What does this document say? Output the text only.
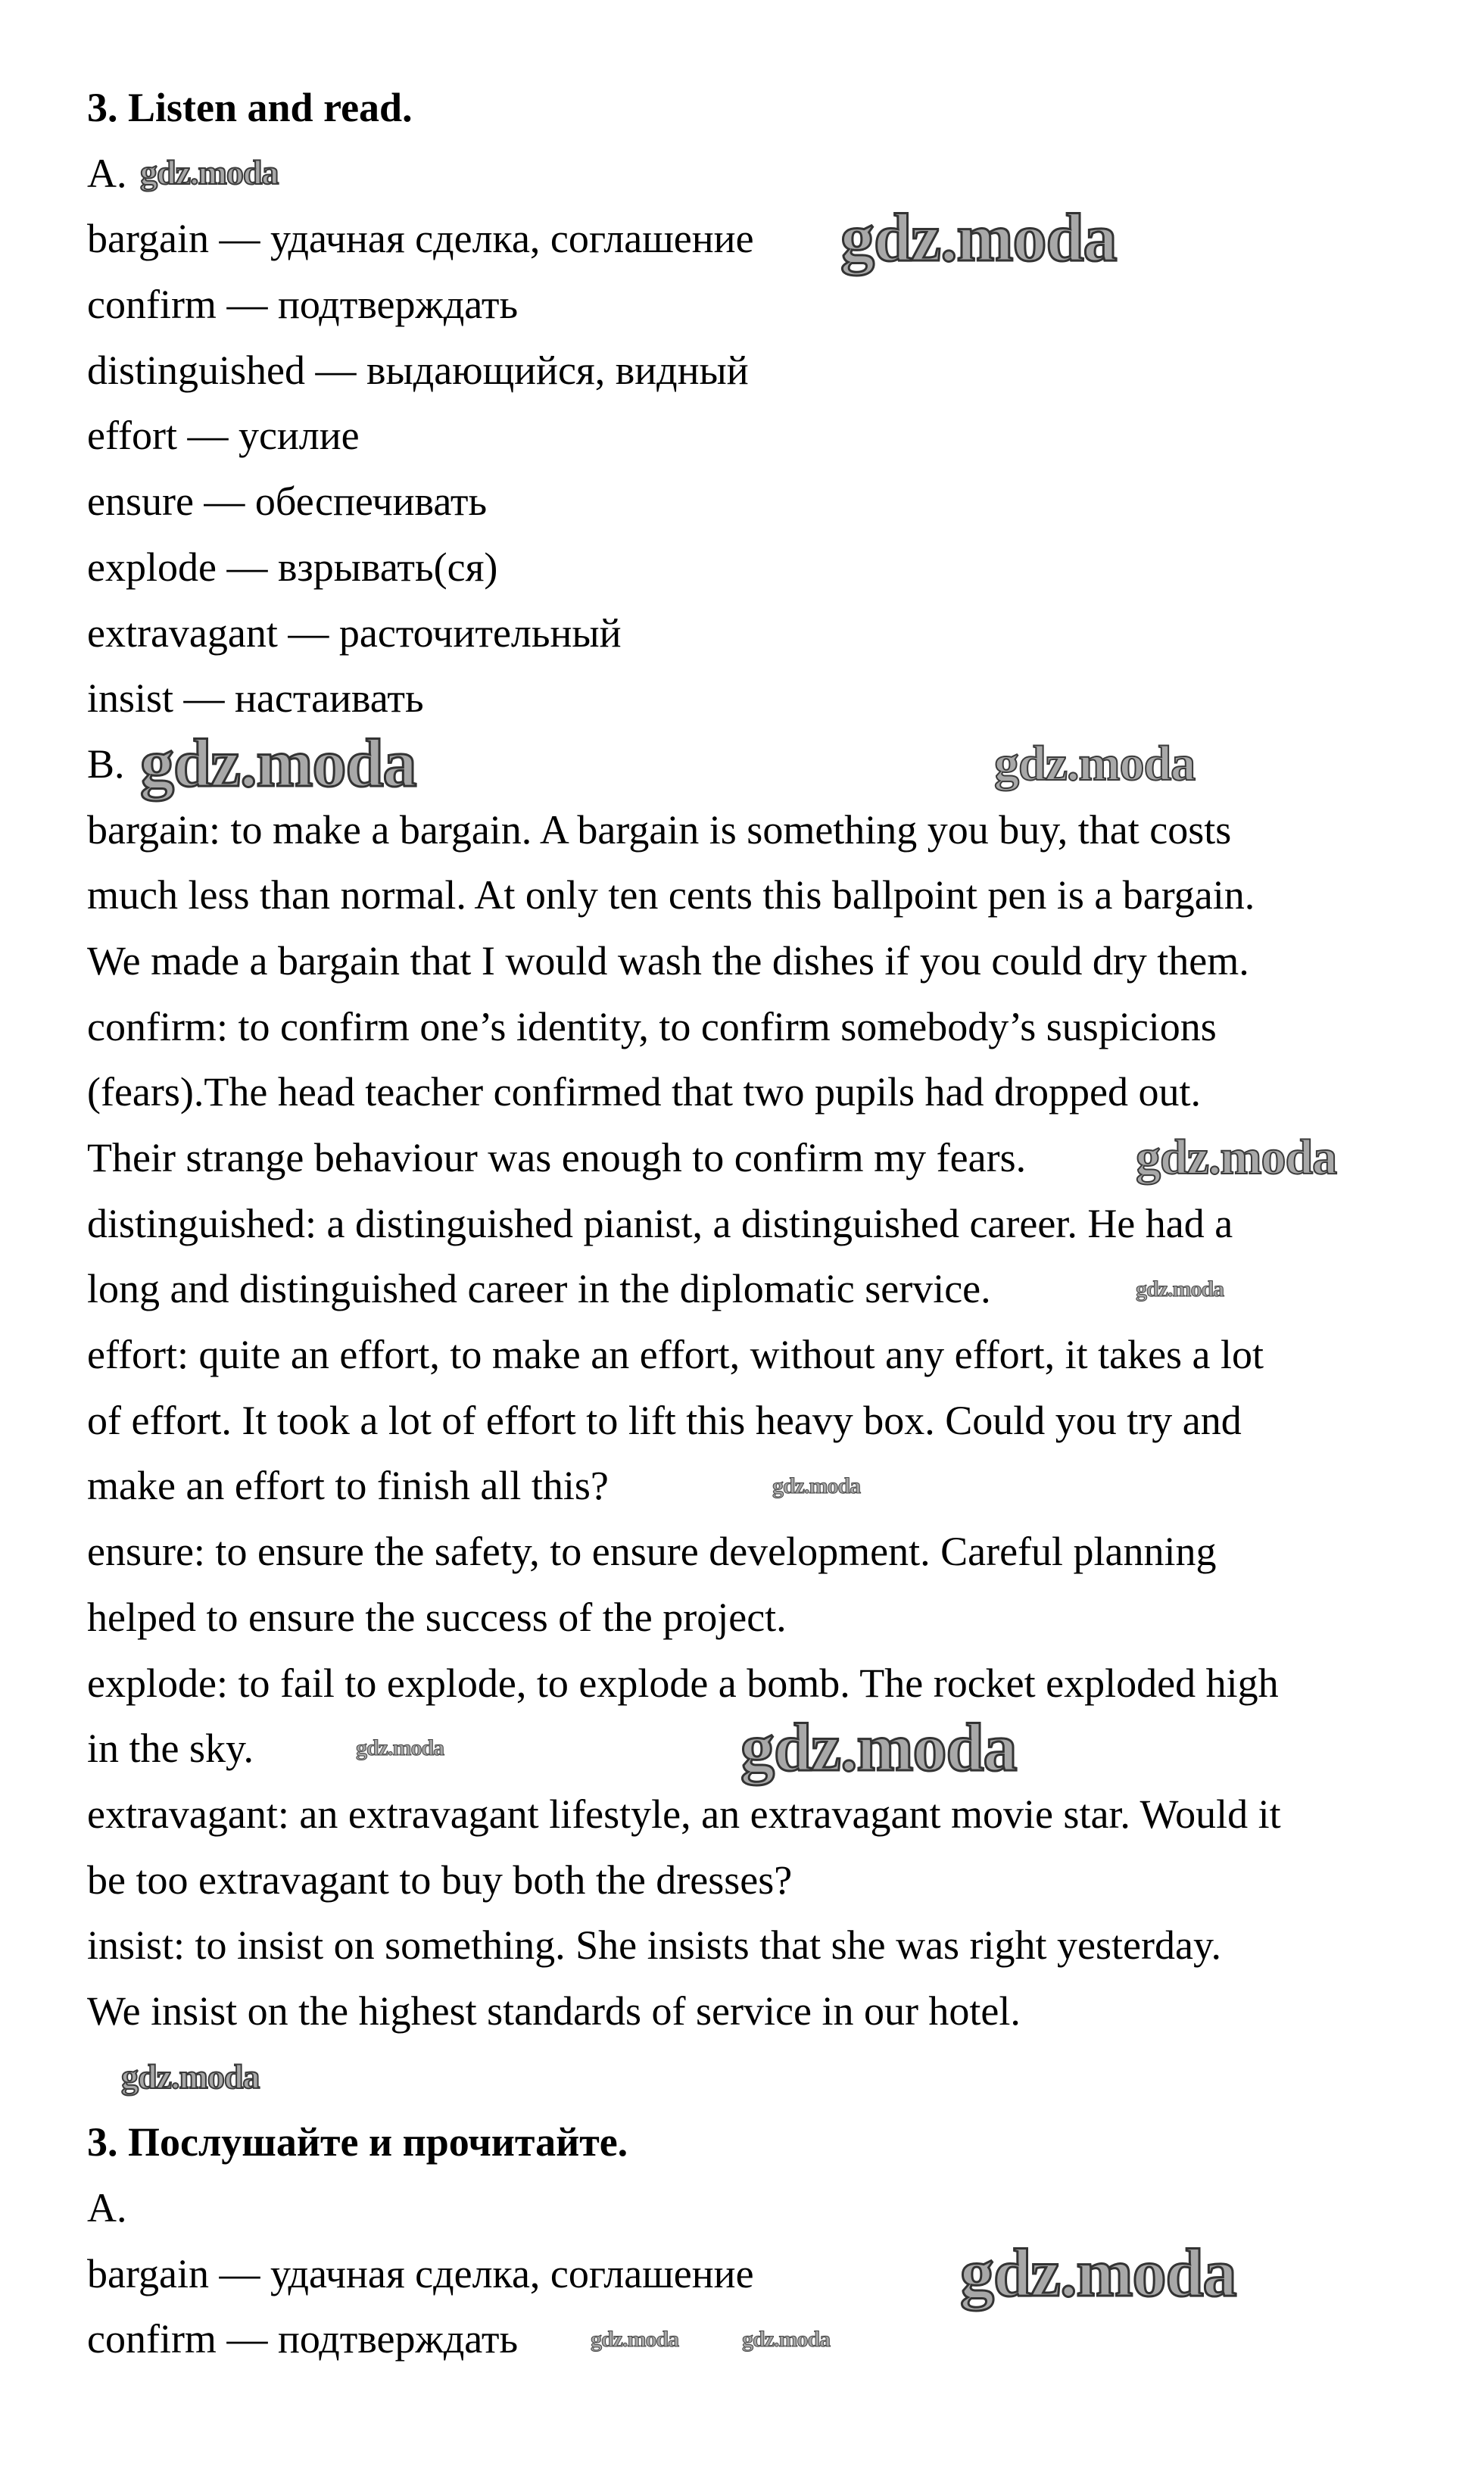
3. Listen and read.
A.
bargain — удачная сделка, соглашение
confirm — подтверждать
distinguished — выдающийся, видный
effort — усилие
ensure — обеспечивать
explode — взрывать(ся)
extravagant — расточительный
insist — настаивать
B.
bargain: to make a bargain. A bargain is something you buy, that costs
much less than normal. At only ten cents this ballpoint pen is a bargain.
We made a bargain that I would wash the dishes if you could dry them.
confirm: to confirm one’s identity, to confirm somebody’s suspicions
(fears).The head teacher confirmed that two pupils had dropped out.
Their strange behaviour was enough to confirm my fears.
distinguished: a distinguished pianist, a distinguished career. He had a
long and distinguished career in the diplomatic service.
effort: quite an effort, to make an effort, without any effort, it takes a lot
of effort. It took a lot of effort to lift this heavy box. Could you try and
make an effort to finish all this?
ensure: to ensure the safety, to ensure development. Careful planning
helped to ensure the success of the project.
explode: to fail to explode, to explode a bomb. The rocket exploded high
in the sky.
extravagant: an extravagant lifestyle, an extravagant movie star. Would it
be too extravagant to buy both the dresses?
insist: to insist on something. She insists that she was right yesterday.
We insist on the highest standards of service in our hotel.
3. Послушайте и прочитайте.
A.
bargain — удачная сделка, соглашение
confirm — подтверждать
gdz.moda
gdz.moda
gdz.moda	gdz.moda
gdz.moda
gdz.moda
gdz.moda
gdz.moda	gdz.moda
gdz.moda
gdz.moda	gdz.moda
gdz.moda
